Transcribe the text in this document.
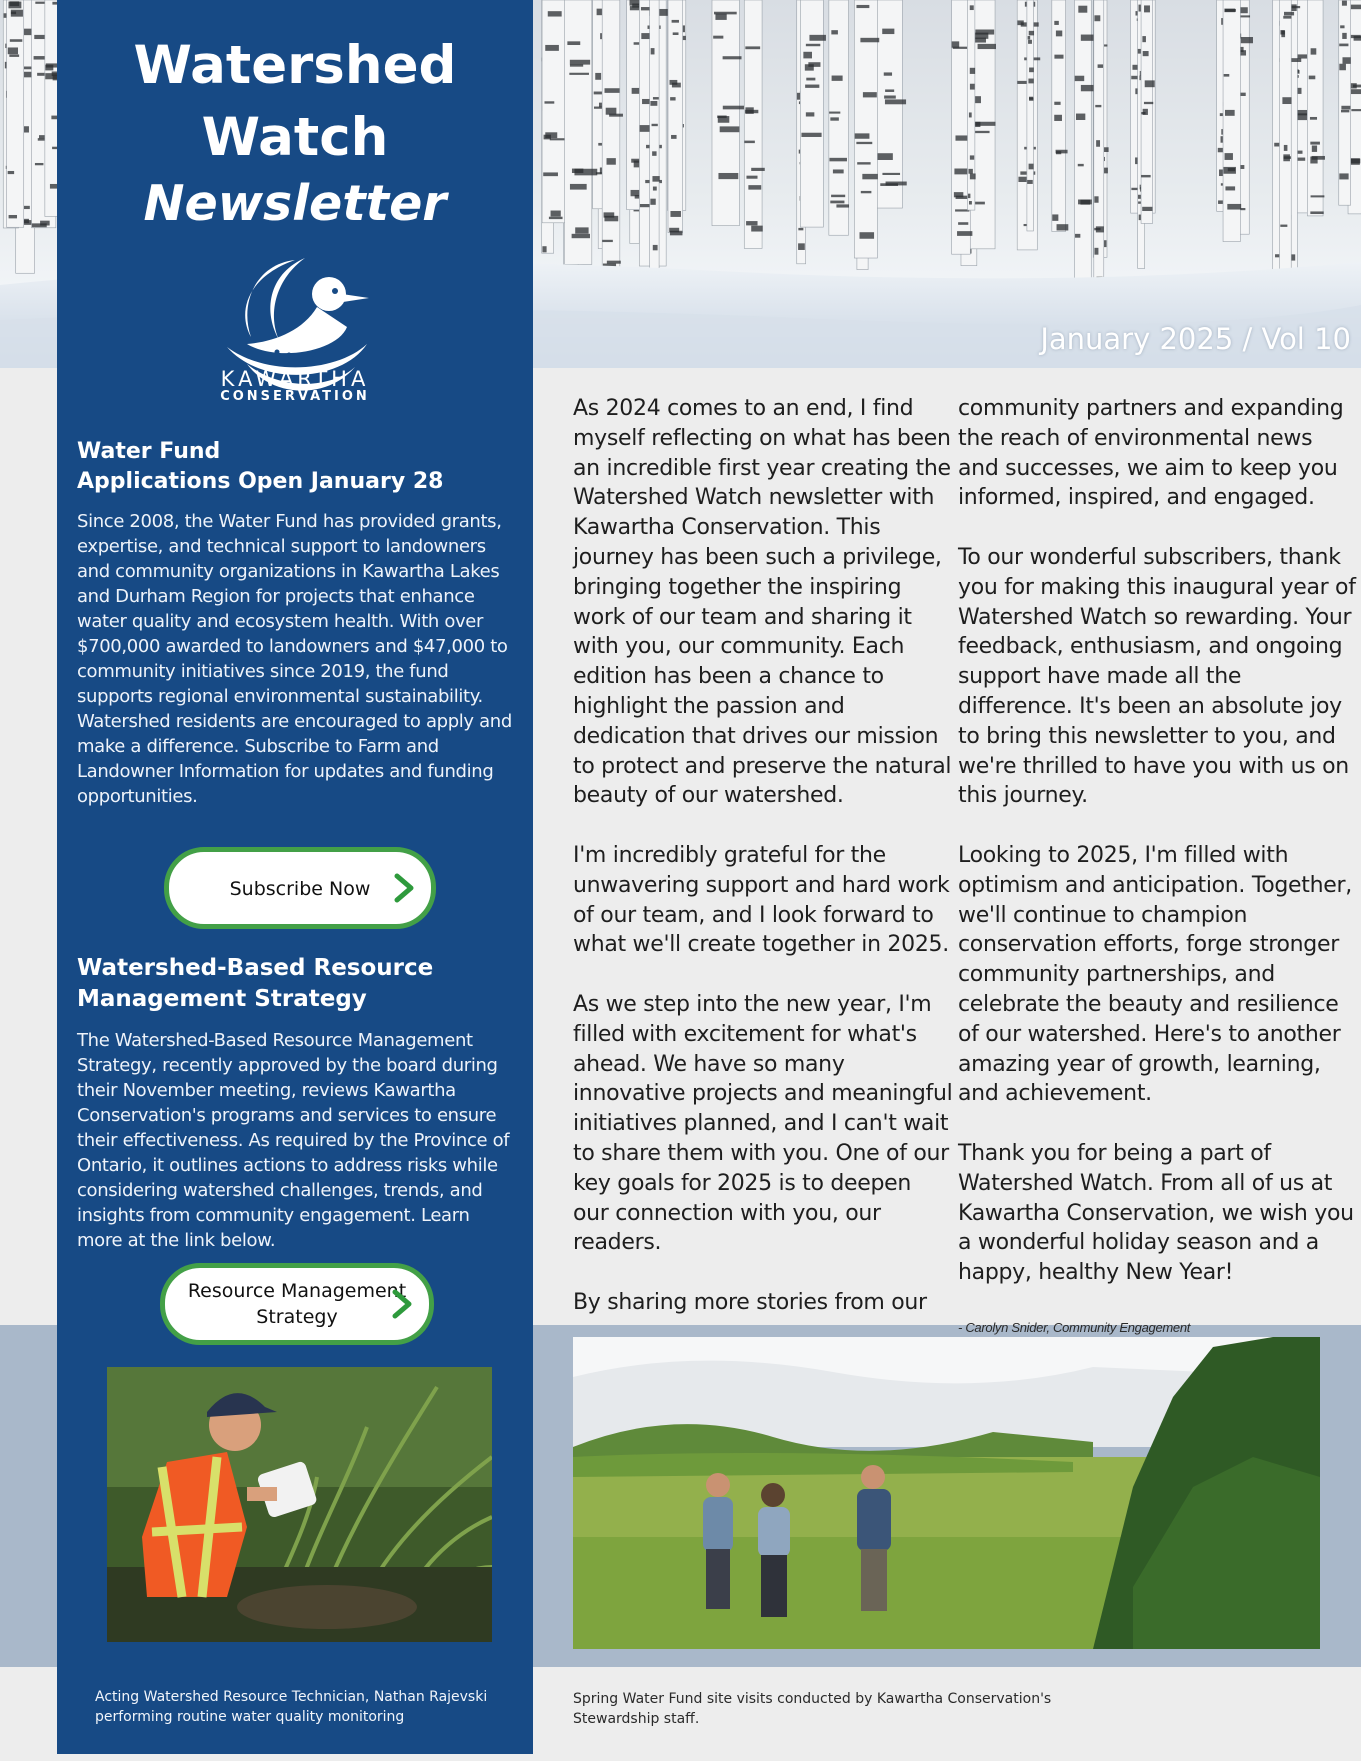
January 2025 / Vol 10
Watershed
Watch
Newsletter
KAWARTHA
CONSERVATION
Water Fund
Applications Open January 28
Since 2008, the Water Fund has provided grants, expertise, and technical support to landowners and community organizations in Kawartha Lakes and Durham Region for projects that enhance water quality and ecosystem health. With over $700,000 awarded to landowners and $47,000 to community initiatives since 2019, the fund supports regional environmental sustainability. Watershed residents are encouraged to apply and make a difference. Subscribe to Farm and Landowner Information for updates and funding opportunities.
Subscribe Now
Watershed-Based Resource
Management Strategy
The Watershed-Based Resource Management Strategy, recently approved by the board during their November meeting, reviews Kawartha Conservation's programs and services to ensure their effectiveness. As required by the Province of Ontario, it outlines actions to address risks while considering watershed challenges, trends, and insights from community engagement. Learn more at the link below.
Resource Management
Strategy
Acting Watershed Resource Technician, Nathan Rajevski
performing routine water quality monitoring

As 2024 comes to an end, I find myself reflecting on what has been an incredible first year creating the Watershed Watch newsletter with Kawartha Conservation. This journey has been such a privilege, bringing together the inspiring work of our team and sharing it with you, our community. Each edition has been a chance to highlight the passion and dedication that drives our mission to protect and preserve the natural beauty of our watershed.

I'm incredibly grateful for the unwavering support and hard work of our team, and I look forward to what we'll create together in 2025.

As we step into the new year, I'm filled with excitement for what's ahead. We have so many innovative projects and meaningful initiatives planned, and I can't wait to share them with you. One of our key goals for 2025 is to deepen our connection with you, our readers.

By sharing more stories from our

community partners and expanding the reach of environmental news and successes, we aim to keep you informed, inspired, and engaged.

To our wonderful subscribers, thank you for making this inaugural year of Watershed Watch so rewarding. Your feedback, enthusiasm, and ongoing support have made all the difference. It's been an absolute joy to bring this newsletter to you, and we're thrilled to have you with us on this journey.

Looking to 2025, I'm filled with optimism and anticipation. Together, we'll continue to champion conservation efforts, forge stronger community partnerships, and celebrate the beauty and resilience of our watershed. Here's to another amazing year of growth, learning, and achievement.

Thank you for being a part of Watershed Watch. From all of us at Kawartha Conservation, we wish you a wonderful holiday season and a happy, healthy New Year!

- Carolyn Snider, Community Engagement
Spring Water Fund site visits conducted by Kawartha Conservation's
Stewardship staff.
